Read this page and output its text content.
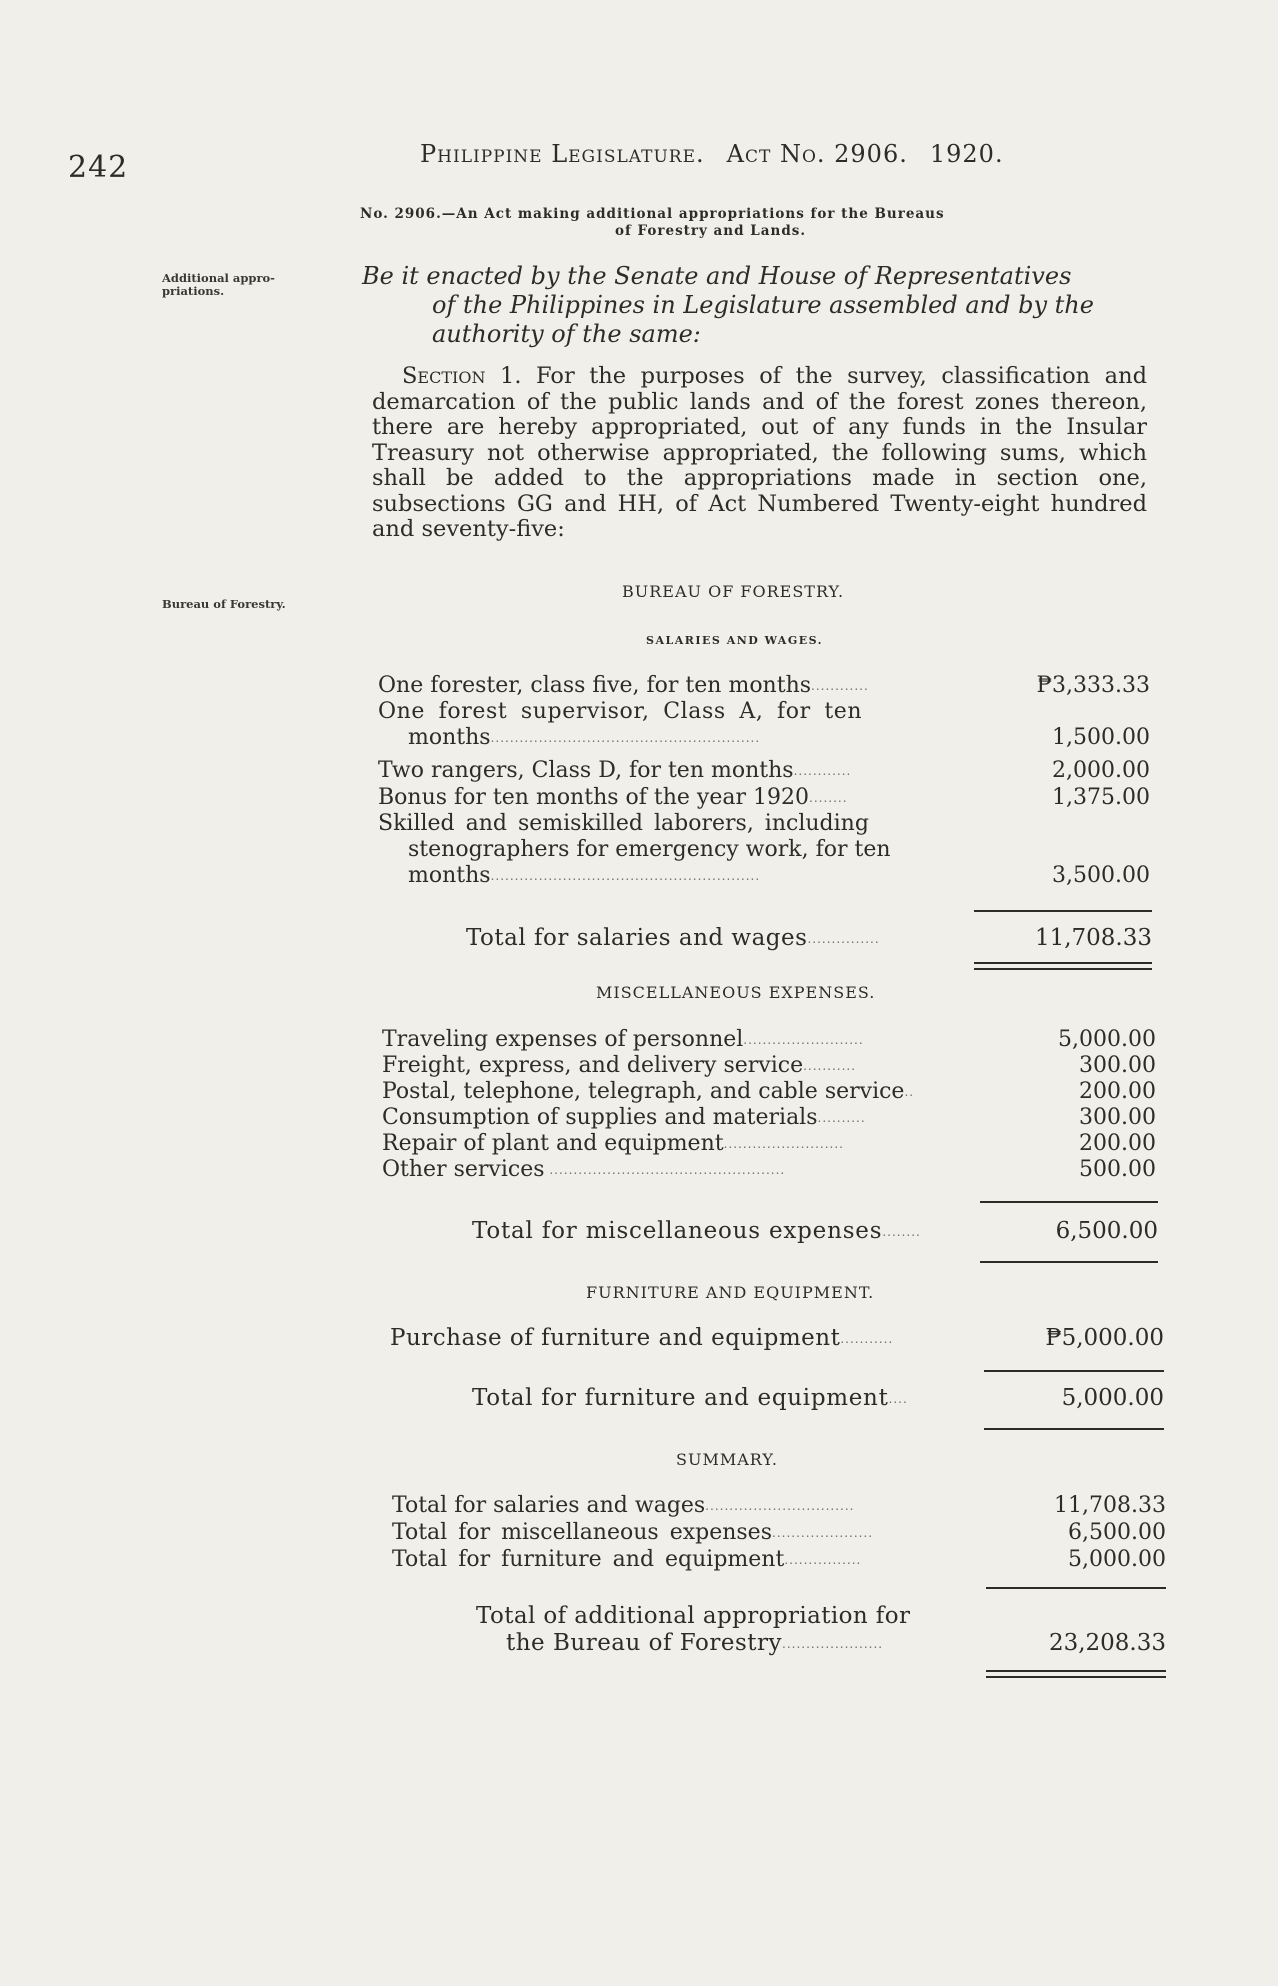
242	Philippine Legislature. Act No. 2906. 1920.
No. 2906.—An Act making additional appropriations for the Bureaus
of Forestry and Lands.
Additional appro-
priations.
Be it enacted by the Senate and House of Representatives
of the Philippines in Legislature assembled and by the
authority of the same:
Section 1. For the purposes of the survey, classification and demarcation of the public lands and of the forest zones thereon, there are hereby appropriated, out of any funds in the Insular Treasury not otherwise appropriated, the following sums, which shall be added to the appropriations made in section one, subsections GG and HH, of Act Numbered Twenty-eight hundred and seventy-five:
Bureau of Forestry.
BUREAU OF FORESTRY.
SALARIES AND WAGES.
One forester, class five, for ten months............	₱3,333.33
One forest supervisor, Class A, for ten
months........................................................	1,500.00
Two rangers, Class D, for ten months............	2,000.00
Bonus for ten months of the year 1920........	1,375.00
Skilled and semiskilled laborers, including
stenographers for emergency work, for ten
months........................................................	3,500.00
Total for salaries and wages...............	11,708.33
MISCELLANEOUS EXPENSES.
Traveling expenses of personnel.........................	5,000.00
Freight, express, and delivery service...........	300.00
Postal, telephone, telegraph, and cable service..	200.00
Consumption of supplies and materials..........	300.00
Repair of plant and equipment.........................	200.00
Other services .................................................	500.00
Total for miscellaneous expenses........	6,500.00
FURNITURE AND EQUIPMENT.
Purchase of furniture and equipment...........	₱5,000.00
Total for furniture and equipment....	5,000.00
SUMMARY.
Total for salaries and wages...............................	11,708.33
Total for miscellaneous expenses.....................	6,500.00
Total for furniture and equipment................	5,000.00
Total of additional appropriation for
the Bureau of Forestry.....................	23,208.33
